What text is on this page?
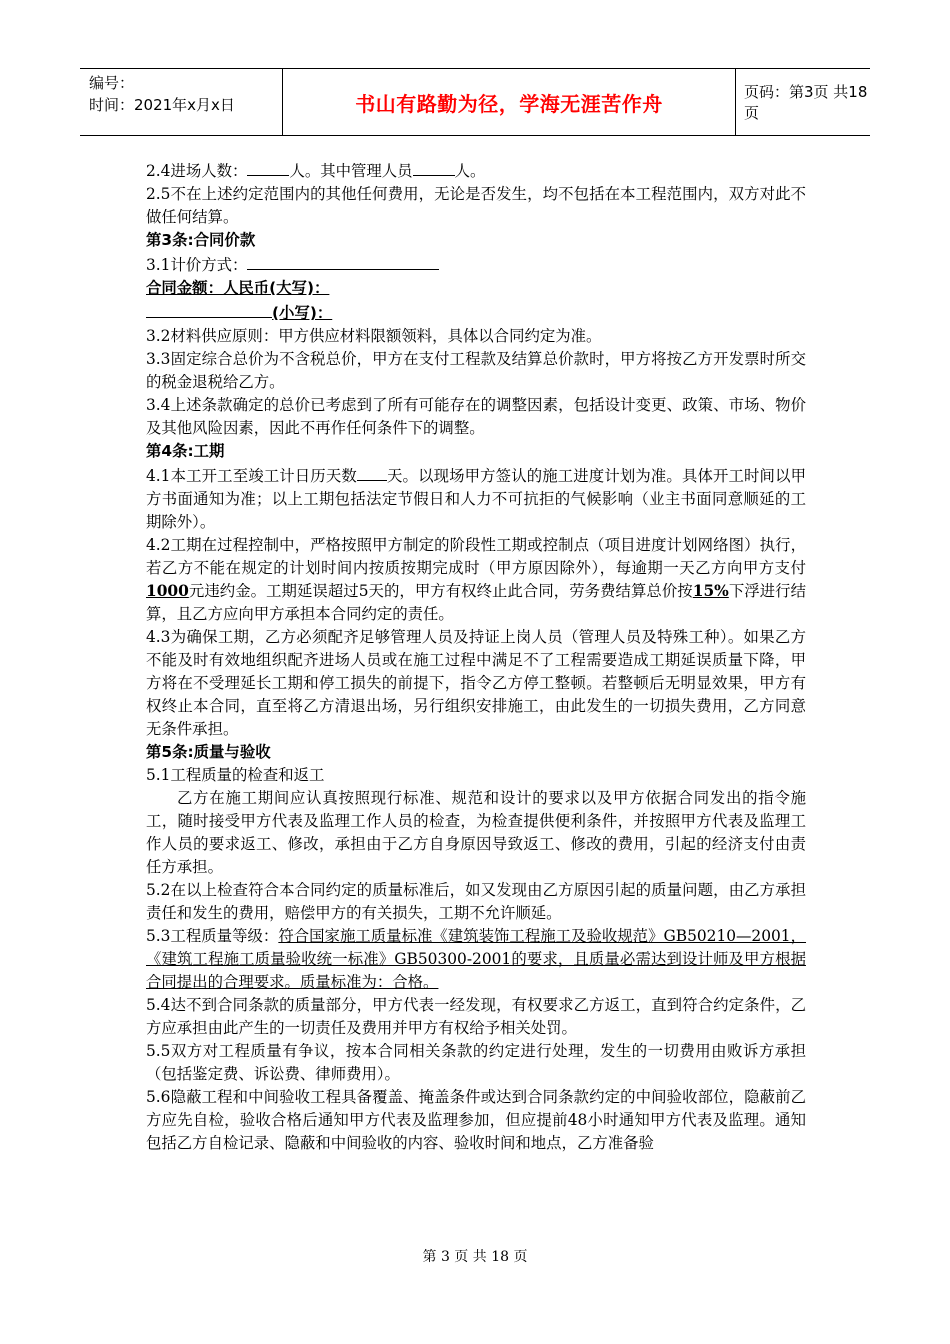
编号：
时间：2021年x月x日	书山有路勤为径，学海无涯苦作舟	页码：第3页 共18页

2.4进场人数：	人。其中管理人员	人。

2.5不在上述约定范围内的其他任何费用，无论是否发生，均不包括在本工程范围内，双方对此不做任何结算。

第3条:合同价款

3.1计价方式：

合同金额：人民币(大写)：

(小写)：

3.2材料供应原则：甲方供应材料限额领料，具体以合同约定为准。

3.3固定综合总价为不含税总价，甲方在支付工程款及结算总价款时，甲方将按乙方开发票时所交的税金退税给乙方。

3.4上述条款确定的总价已考虑到了所有可能存在的调整因素，包括设计变更、政策、市场、物价及其他风险因素，因此不再作任何条件下的调整。

第4条:工期

4.1本工开工至竣工计日历天数 天。以现场甲方签认的施工进度计划为准。具体开工时间以甲方书面通知为准；以上工期包括法定节假日和人力不可抗拒的气候影响（业主书面同意顺延的工期除外）。

4.2工期在过程控制中，严格按照甲方制定的阶段性工期或控制点（项目进度计划网络图）执行，若乙方不能在规定的计划时间内按质按期完成时（甲方原因除外），每逾期一天乙方向甲方支付1000元违约金。工期延误超过5天的，甲方有权终止此合同，劳务费结算总价按15%下浮进行结算，且乙方应向甲方承担本合同约定的责任。

4.3为确保工期，乙方必须配齐足够管理人员及持证上岗人员（管理人员及特殊工种）。如果乙方不能及时有效地组织配齐进场人员或在施工过程中满足不了工程需要造成工期延误质量下降，甲方将在不受理延长工期和停工损失的前提下，指令乙方停工整顿。若整顿后无明显效果，甲方有权终止本合同，直至将乙方清退出场，另行组织安排施工，由此发生的一切损失费用，乙方同意无条件承担。

第5条:质量与验收

5.1工程质量的检查和返工

乙方在施工期间应认真按照现行标准、规范和设计的要求以及甲方依据合同发出的指令施工，随时接受甲方代表及监理工作人员的检查，为检查提供便利条件，并按照甲方代表及监理工作人员的要求返工、修改，承担由于乙方自身原因导致返工、修改的费用，引起的经济支付由责任方承担。

5.2在以上检查符合本合同约定的质量标准后，如又发现由乙方原因引起的质量问题，由乙方承担责任和发生的费用，赔偿甲方的有关损失，工期不允许顺延。

5.3工程质量等级：符合国家施工质量标准《建筑装饰工程施工及验收规范》GB50210—2001，《建筑工程施工质量验收统一标准》GB50300-2001的要求，且质量必需达到设计师及甲方根据合同提出的合理要求。质量标准为：合格。

5.4达不到合同条款的质量部分，甲方代表一经发现，有权要求乙方返工，直到符合约定条件，乙方应承担由此产生的一切责任及费用并甲方有权给予相关处罚。

5.5双方对工程质量有争议，按本合同相关条款的约定进行处理，发生的一切费用由败诉方承担（包括鉴定费、诉讼费、律师费用）。

5.6隐蔽工程和中间验收工程具备覆盖、掩盖条件或达到合同条款约定的中间验收部位，隐蔽前乙方应先自检，验收合格后通知甲方代表及监理参加，但应提前48小时通知甲方代表及监理。通知包括乙方自检记录、隐蔽和中间验收的内容、验收时间和地点，乙方准备验

第 3 页 共 18 页
